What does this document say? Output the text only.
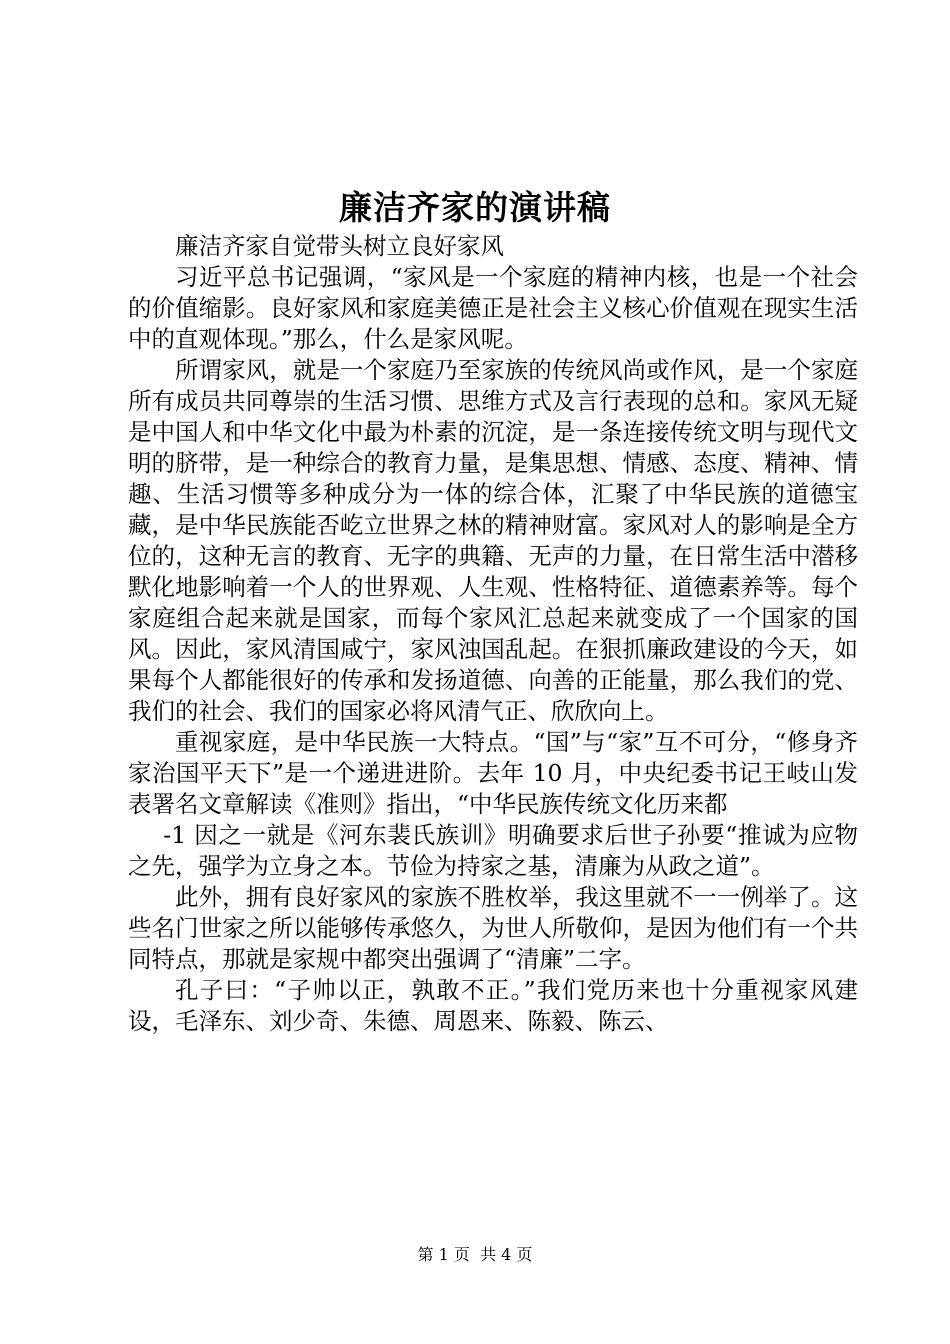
廉洁齐家的演讲稿

廉洁齐家自觉带头树立良好家风

习近平总书记强调，“家风是一个家庭的精神内核，也是一个社会的价值缩影。良好家风和家庭美德正是社会主义核心价值观在现实生活中的直观体现。”那么，什么是家风呢。

所谓家风，就是一个家庭乃至家族的传统风尚或作风，是一个家庭所有成员共同尊崇的生活习惯、思维方式及言行表现的总和。家风无疑是中国人和中华文化中最为朴素的沉淀，是一条连接传统文明与现代文明的脐带，是一种综合的教育力量，是集思想、情感、态度、精神、情趣、生活习惯等多种成分为一体的综合体，汇聚了中华民族的道德宝藏，是中华民族能否屹立世界之林的精神财富。家风对人的影响是全方位的，这种无言的教育、无字的典籍、无声的力量，在日常生活中潜移默化地影响着一个人的世界观、人生观、性格特征、道德素养等。每个家庭组合起来就是国家，而每个家风汇总起来就变成了一个国家的国风。因此，家风清国咸宁，家风浊国乱起。在狠抓廉政建设的今天，如果每个人都能很好的传承和发扬道德、向善的正能量，那么我们的党、我们的社会、我们的国家必将风清气正、欣欣向上。

重视家庭，是中华民族一大特点。“国”与“家”互不可分，“修身齐家治国平天下”是一个递进进阶。去年 10 月，中央纪委书记王岐山发表署名文章解读《准则》指出，“中华民族传统文化历来都

-1 因之一就是《河东裴氏族训》明确要求后世子孙要“推诚为应物之先，强学为立身之本。节俭为持家之基，清廉为从政之道”。

此外，拥有良好家风的家族不胜枚举，我这里就不一一例举了。这些名门世家之所以能够传承悠久，为世人所敬仰，是因为他们有一个共同特点，那就是家规中都突出强调了“清廉”二字。

孔子曰：“子帅以正，孰敢不正。”我们党历来也十分重视家风建设，毛泽东、刘少奇、朱德、周恩来、陈毅、陈云、

第 1 页 共 4 页
